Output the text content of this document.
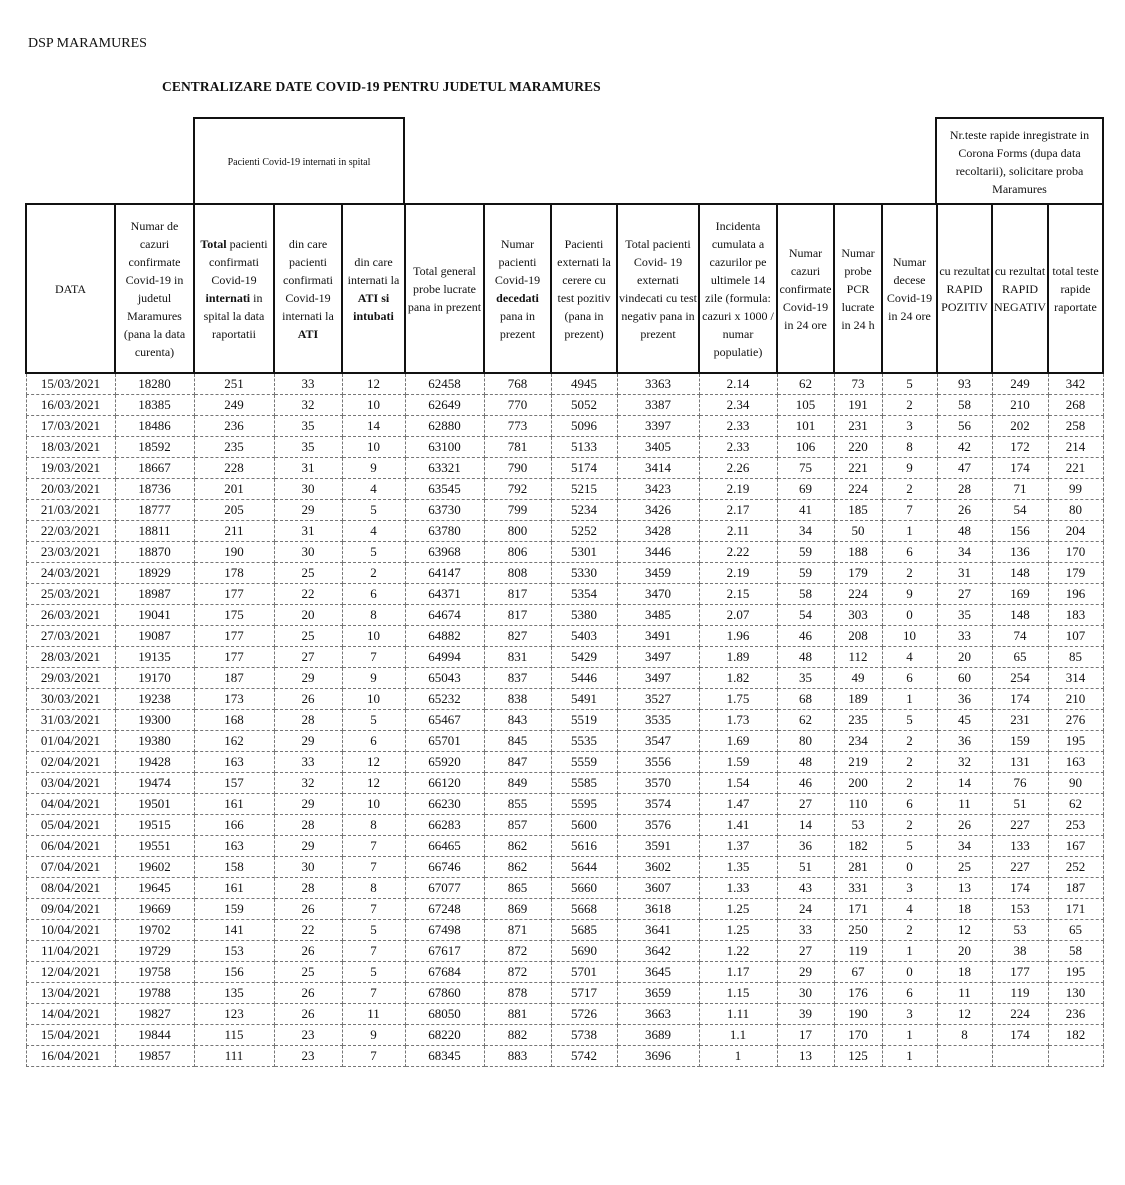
DSP MARAMURES
CENTRALIZARE DATE COVID-19 PENTRU JUDETUL MARAMURES
Pacienti Covid-19 internati in spital
Nr.teste rapide inregistrate in Corona Forms (dupa data recoltarii), solicitare proba Maramures
DATA	Numar de cazuri confirmate Covid-19 in judetul Maramures (pana la data curenta)	Total pacienti confirmati Covid-19 internati in spital la data raportatii	din care pacienti confirmati Covid-19 internati la ATI	din care internati la ATI si intubati	Total general probe lucrate pana in prezent	Numar pacienti Covid-19 decedati pana in prezent	Pacienti externati la cerere cu test pozitiv (pana in prezent)	Total pacienti Covid- 19 externati vindecati cu test negativ pana in prezent	Incidenta cumulata a cazurilor pe ultimele 14 zile (formula: cazuri x 1000 / numar populatie)	Numar cazuri confirmate Covid-19 in 24 ore	Numar probe PCR lucrate in 24 h	Numar decese Covid-19 in 24 ore	cu rezultat RAPID POZITIV	cu rezultat RAPID NEGATIV	total teste rapide raportate
15/03/2021	18280	251	33	12	62458	768	4945	3363	2.14	62	73	5	93	249	342
16/03/2021	18385	249	32	10	62649	770	5052	3387	2.34	105	191	2	58	210	268
17/03/2021	18486	236	35	14	62880	773	5096	3397	2.33	101	231	3	56	202	258
18/03/2021	18592	235	35	10	63100	781	5133	3405	2.33	106	220	8	42	172	214
19/03/2021	18667	228	31	9	63321	790	5174	3414	2.26	75	221	9	47	174	221
20/03/2021	18736	201	30	4	63545	792	5215	3423	2.19	69	224	2	28	71	99
21/03/2021	18777	205	29	5	63730	799	5234	3426	2.17	41	185	7	26	54	80
22/03/2021	18811	211	31	4	63780	800	5252	3428	2.11	34	50	1	48	156	204
23/03/2021	18870	190	30	5	63968	806	5301	3446	2.22	59	188	6	34	136	170
24/03/2021	18929	178	25	2	64147	808	5330	3459	2.19	59	179	2	31	148	179
25/03/2021	18987	177	22	6	64371	817	5354	3470	2.15	58	224	9	27	169	196
26/03/2021	19041	175	20	8	64674	817	5380	3485	2.07	54	303	0	35	148	183
27/03/2021	19087	177	25	10	64882	827	5403	3491	1.96	46	208	10	33	74	107
28/03/2021	19135	177	27	7	64994	831	5429	3497	1.89	48	112	4	20	65	85
29/03/2021	19170	187	29	9	65043	837	5446	3497	1.82	35	49	6	60	254	314
30/03/2021	19238	173	26	10	65232	838	5491	3527	1.75	68	189	1	36	174	210
31/03/2021	19300	168	28	5	65467	843	5519	3535	1.73	62	235	5	45	231	276
01/04/2021	19380	162	29	6	65701	845	5535	3547	1.69	80	234	2	36	159	195
02/04/2021	19428	163	33	12	65920	847	5559	3556	1.59	48	219	2	32	131	163
03/04/2021	19474	157	32	12	66120	849	5585	3570	1.54	46	200	2	14	76	90
04/04/2021	19501	161	29	10	66230	855	5595	3574	1.47	27	110	6	11	51	62
05/04/2021	19515	166	28	8	66283	857	5600	3576	1.41	14	53	2	26	227	253
06/04/2021	19551	163	29	7	66465	862	5616	3591	1.37	36	182	5	34	133	167
07/04/2021	19602	158	30	7	66746	862	5644	3602	1.35	51	281	0	25	227	252
08/04/2021	19645	161	28	8	67077	865	5660	3607	1.33	43	331	3	13	174	187
09/04/2021	19669	159	26	7	67248	869	5668	3618	1.25	24	171	4	18	153	171
10/04/2021	19702	141	22	5	67498	871	5685	3641	1.25	33	250	2	12	53	65
11/04/2021	19729	153	26	7	67617	872	5690	3642	1.22	27	119	1	20	38	58
12/04/2021	19758	156	25	5	67684	872	5701	3645	1.17	29	67	0	18	177	195
13/04/2021	19788	135	26	7	67860	878	5717	3659	1.15	30	176	6	11	119	130
14/04/2021	19827	123	26	11	68050	881	5726	3663	1.11	39	190	3	12	224	236
15/04/2021	19844	115	23	9	68220	882	5738	3689	1.1	17	170	1	8	174	182
16/04/2021	19857	111	23	7	68345	883	5742	3696	1	13	125	1			
